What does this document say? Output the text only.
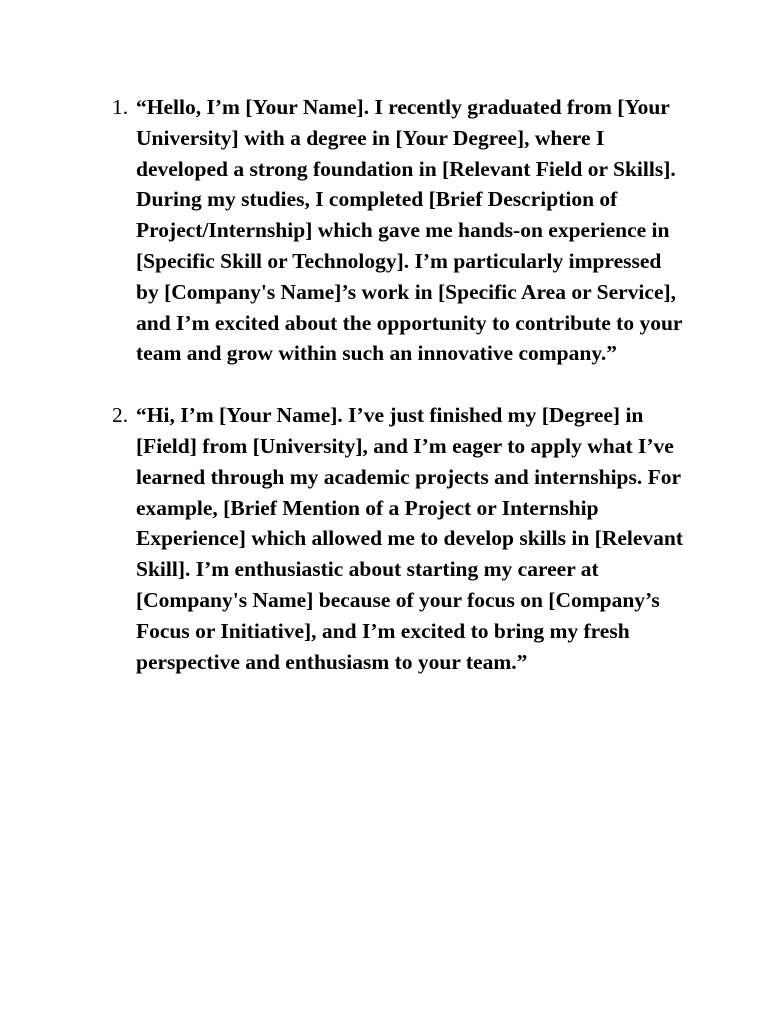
1. “Hello, I’m [Your Name]. I recently graduated from [Your University] with a degree in [Your Degree], where I developed a strong foundation in [Relevant Field or Skills]. During my studies, I completed [Brief Description of Project/Internship] which gave me hands-on experience in [Specific Skill or Technology]. I’m particularly impressed by [Company's Name]’s work in [Specific Area or Service], and I’m excited about the opportunity to contribute to your team and grow within such an innovative company.”
2. “Hi, I’m [Your Name]. I’ve just finished my [Degree] in [Field] from [University], and I’m eager to apply what I’ve learned through my academic projects and internships. For example, [Brief Mention of a Project or Internship Experience] which allowed me to develop skills in [Relevant Skill]. I’m enthusiastic about starting my career at [Company's Name] because of your focus on [Company’s Focus or Initiative], and I’m excited to bring my fresh perspective and enthusiasm to your team.”
